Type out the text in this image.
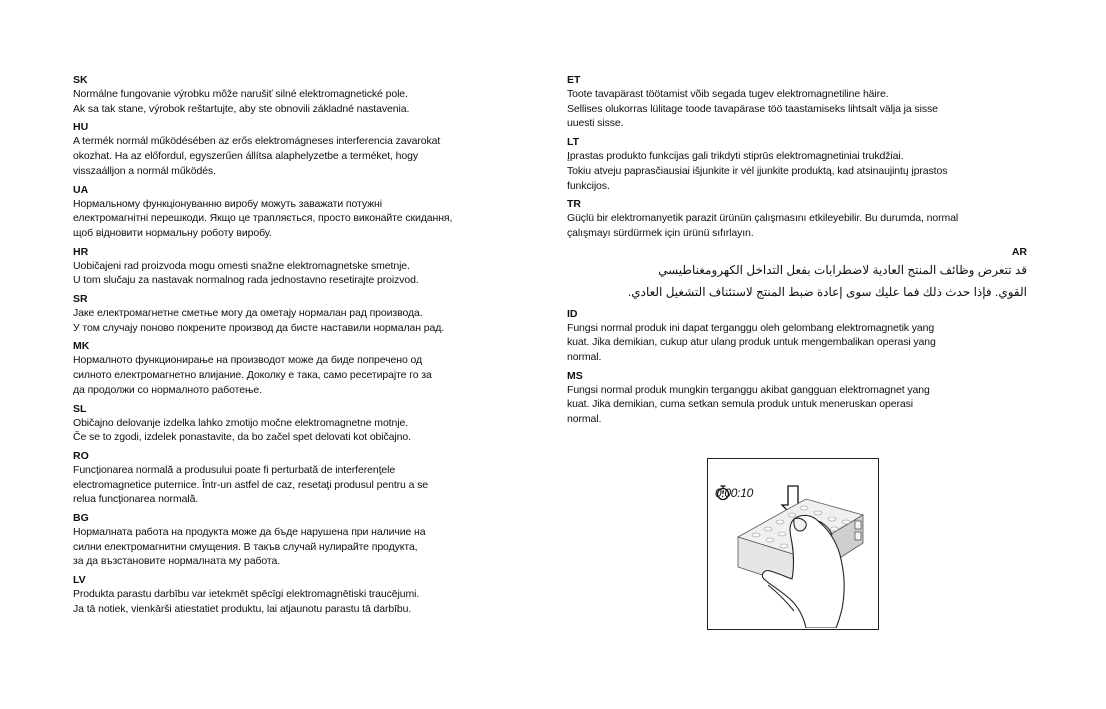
SK
Normálne fungovanie výrobku môže narušiť silné elektromagnetické pole.
Ak sa tak stane, výrobok reštartujte, aby ste obnovili základné nastavenia.
HU
A termék normál működésében az erős elektromágneses interferencia zavarokat
okozhat. Ha az előfordul, egyszerűen állítsa alaphelyzetbe a terméket, hogy
visszaálljon a normál működés.
UA
Нормальному функціонуванню виробу можуть заважати потужні
електромагнітні перешкоди. Якщо це трапляється, просто виконайте скидання,
щоб відновити нормальну роботу виробу.
HR
Uobičajeni rad proizvoda mogu omesti snažne elektromagnetske smetnje.
U tom slučaju za nastavak normalnog rada jednostavno resetirajte proizvod.
SR
Јаке електромагнетне сметње могу да ометају нормалан рад производа.
У том случају поново покрените производ да бисте наставили нормалан рад.
MK
Нормалното функционирање на производот може да биде попречено од
силното електромагнетно влијание. Доколку е така, само ресетирајте го за
да продолжи со нормалното работење.
SL
Običajno delovanje izdelka lahko zmotijo močne elektromagnetne motnje.
Če se to zgodi, izdelek ponastavite, da bo začel spet delovati kot običajno.
RO
Funcţionarea normală a produsului poate fi perturbată de interferenţele
electromagnetice puternice. Într-un astfel de caz, resetaţi produsul pentru a se
relua funcţionarea normală.
BG
Нормалната работа на продукта може да бъде нарушена при наличие на
силни електромагнитни смущения. В такъв случай нулирайте продукта,
за да възстановите нормалната му работа.
LV
Produkta parastu darbību var ietekmēt spēcīgi elektromagnētiski traucējumi.
Ja tā notiek, vienkārši atiestatiet produktu, lai atjaunotu parastu tā darbību.
ET
Toote tavapärast töötamist võib segada tugev elektromagnetiline häire.
Sellises olukorras lülitage toode tavapärase töö taastamiseks lihtsalt välja ja sisse
uuesti sisse.
LT
Įprastas produkto funkcijas gali trikdyti stiprūs elektromagnetiniai trukdžiai.
Tokiu atveju paprasčiausiai išjunkite ir vėl įjunkite produktą, kad atsinaujintų įprastos
funkcijos.
TR
Güçlü bir elektromanyetik parazit ürünün çalışmasını etkileyebilir. Bu durumda, normal
çalışmayı sürdürmek için ürünü sıfırlayın.
AR
قد تتعرض وظائف المنتج العادية لاضطرابات بفعل التداخل الكهرومغناطيسي
القوي. فإذا حدث ذلك فما عليك سوى إعادة ضبط المنتج لاستئناف التشغيل العادي.
ID
Fungsi normal produk ini dapat terganggu oleh gelombang elektromagnetik yang
kuat. Jika demikian, cukup atur ulang produk untuk mengembalikan operasi yang
normal.
MS
Fungsi normal produk mungkin terganggu akibat gangguan elektromagnet yang
kuat. Jika demikian, cuma setkan semula produk untuk meneruskan operasi
normal.
0:00:10
